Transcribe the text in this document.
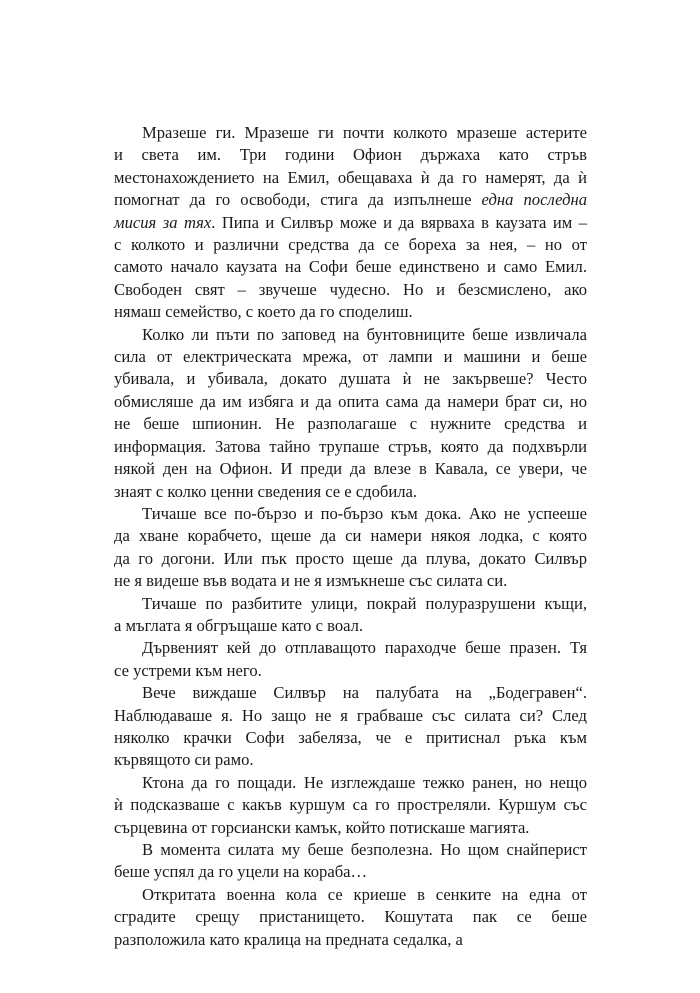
Мразеше ги. Мразеше ги почти колкото мразеше астерите
и света им. Три години Офион държаха като стръв
местонахождението на Емил, обещаваха ѝ да го намерят, да ѝ
помогнат да го освободи, стига да изпълнеше една последна
мисия за тях. Пипа и Силвър може и да вярваха в каузата им –
с колкото и различни средства да се бореха за нея, – но от
самото начало каузата на Софи беше единствено и само Емил.
Свободен свят – звучеше чудесно. Но и безсмислено, ако
нямаш семейство, с което да го споделиш.

Колко ли пъти по заповед на бунтовниците беше извличала
сила от електрическата мрежа, от лампи и машини и беше
убивала, и убивала, докато душата ѝ не закървеше? Често
обмисляше да им избяга и да опита сама да намери брат си, но
не беше шпионин. Не разполагаше с нужните средства и
информация. Затова тайно трупаше стръв, която да подхвърли
някой ден на Офион. И преди да влезе в Кавала, се увери, че
знаят с колко ценни сведения се е сдобила.

Тичаше все по-бързо и по-бързо към дока. Ако не успееше
да хване корабчето, щеше да си намери някоя лодка, с която
да го догони. Или пък просто щеше да плува, докато Силвър
не я видеше във водата и не я измъкнеше със силата си.

Тичаше по разбитите улици, покрай полуразрушени къщи,
а мъглата я обгръщаше като с воал.

Дървеният кей до отплаващото параходче беше празен. Тя
се устреми към него.

Вече виждаше Силвър на палубата на „Бодегравен“.
Наблюдаваше я. Но защо не я грабваше със силата си? След
няколко крачки Софи забеляза, че е притиснал ръка към
кървящото си рамо.

Ктона да го пощади. Не изглеждаше тежко ранен, но нещо
ѝ подсказваше с какъв куршум са го простреляли. Куршум със
сърцевина от горсиански камък, който потискаше магията.

В момента силата му беше безполезна. Но щом снайперист
беше успял да го уцели на кораба…

Откритата военна кола се криеше в сенките на една от
сградите срещу пристанището. Кошутата пак се беше
разположила като кралица на предната седалка, а
